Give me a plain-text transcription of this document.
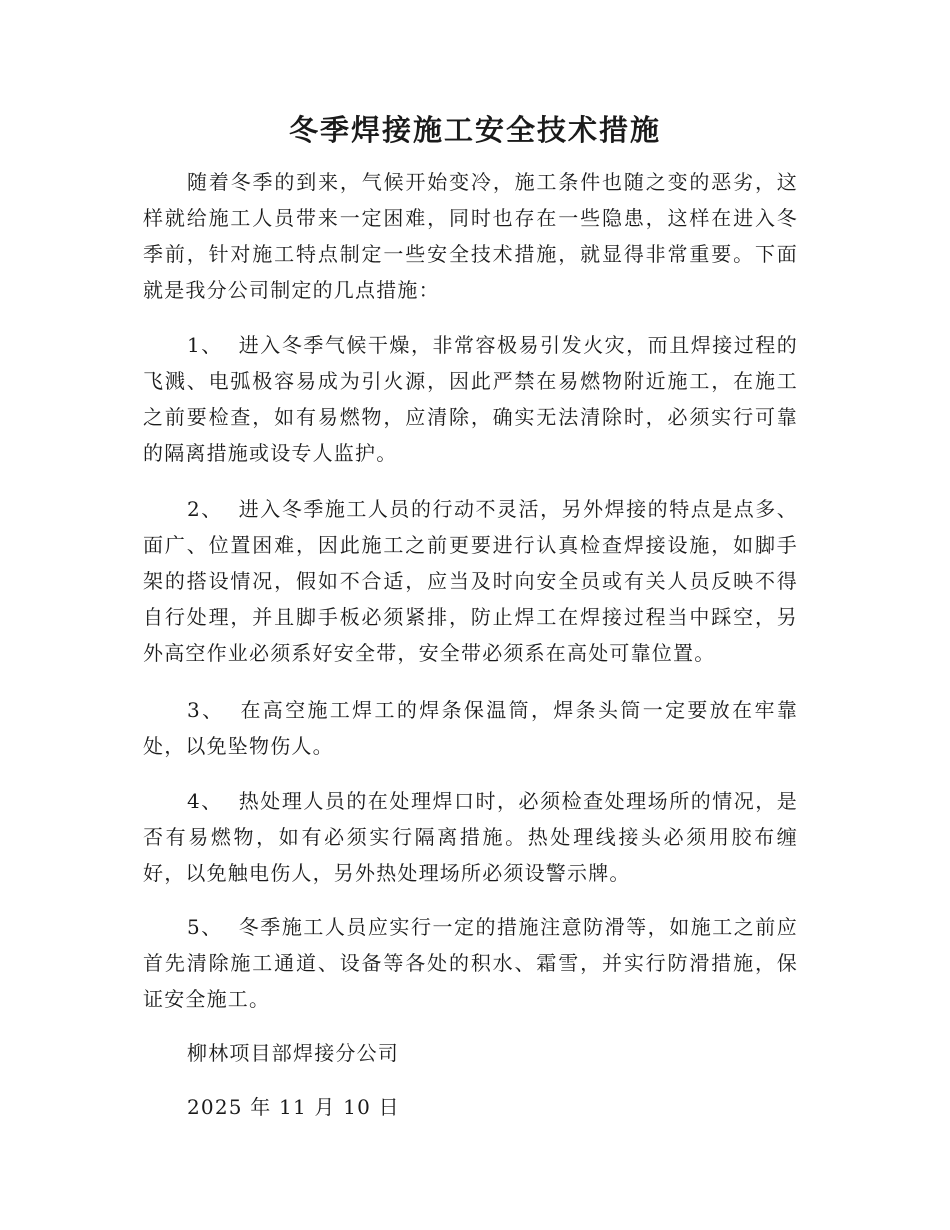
冬季焊接施工安全技术措施

随着冬季的到来，气候开始变冷，施工条件也随之变的恶劣，这样就给施工人员带来一定困难，同时也存在一些隐患，这样在进入冬季前，针对施工特点制定一些安全技术措施，就显得非常重要。下面就是我分公司制定的几点措施：

1、 进入冬季气候干燥，非常容极易引发火灾，而且焊接过程的飞溅、电弧极容易成为引火源，因此严禁在易燃物附近施工，在施工之前要检查，如有易燃物，应清除，确实无法清除时，必须实行可靠的隔离措施或设专人监护。

2、 进入冬季施工人员的行动不灵活，另外焊接的特点是点多、面广、位置困难，因此施工之前更要进行认真检查焊接设施，如脚手架的搭设情况，假如不合适，应当及时向安全员或有关人员反映不得自行处理，并且脚手板必须紧排，防止焊工在焊接过程当中踩空，另外高空作业必须系好安全带，安全带必须系在高处可靠位置。

3、 在高空施工焊工的焊条保温筒，焊条头筒一定要放在牢靠处，以免坠物伤人。

4、 热处理人员的在处理焊口时，必须检查处理场所的情况，是否有易燃物，如有必须实行隔离措施。热处理线接头必须用胶布缠好，以免触电伤人，另外热处理场所必须设警示牌。

5、 冬季施工人员应实行一定的措施注意防滑等，如施工之前应首先清除施工通道、设备等各处的积水、霜雪，并实行防滑措施，保证安全施工。

柳林项目部焊接分公司

2025 年 11 月 10 日
